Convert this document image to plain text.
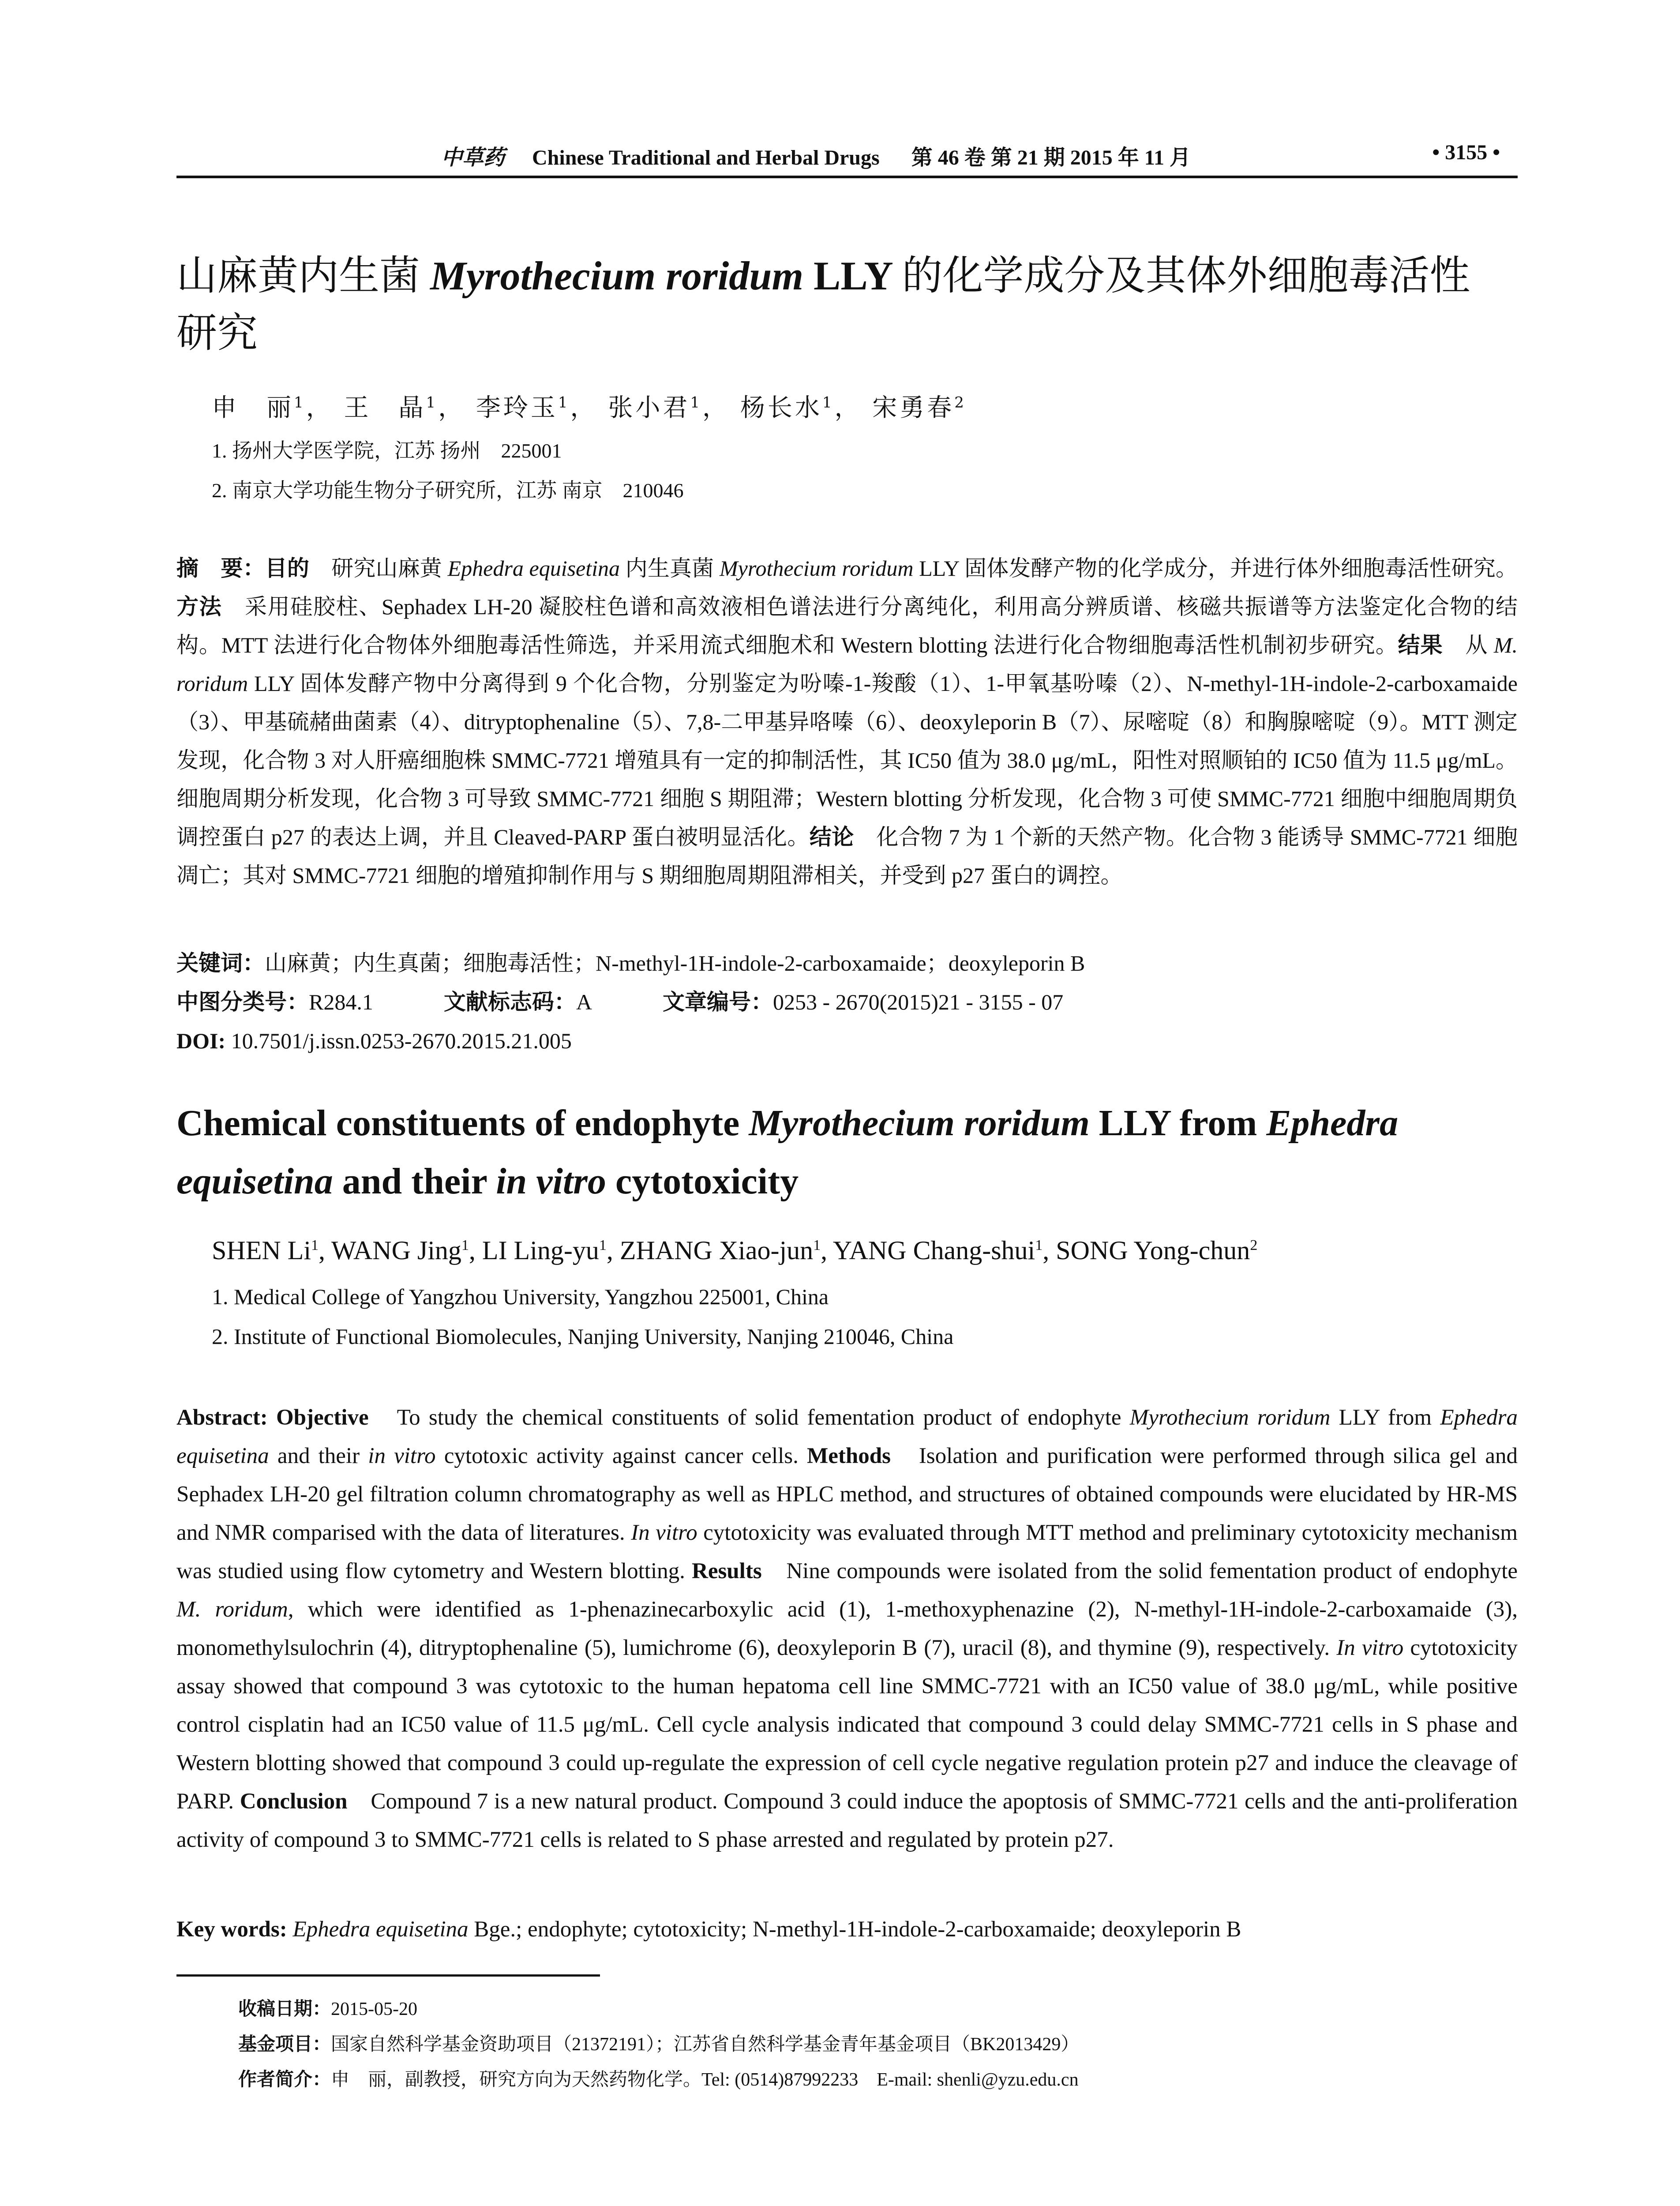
中草药 Chinese Traditional and Herbal Drugs 第 46 卷 第 21 期 2015 年 11 月	• 3155 •
山麻黄内生菌 Myrothecium roridum LLY 的化学成分及其体外细胞毒活性
研究
申　丽$^1$， 王　晶$^1$， 李玲玉$^1$， 张小君$^1$， 杨长水$^1$， 宋勇春$^2$
1. 扬州大学医学院，江苏 扬州　225001
2. 南京大学功能生物分子研究所，江苏 南京　210046
摘　要：目的　 研究山麻黄 Ephedra equisetina 内生真菌 Myrothecium roridum LLY 固体发酵产物的化学成分，并进行体外细胞毒活性研究。方法　 采用硅胶柱、Sephadex LH-20 凝胶柱色谱和高效液相色谱法进行分离纯化，利用高分辨质谱、核磁共振谱等方法鉴定化合物的结构。MTT 法进行化合物体外细胞毒活性筛选，并采用流式细胞术和 Western blotting 法进行化合物细胞毒活性机制初步研究。结果　 从 M. roridum LLY 固体发酵产物中分离得到 9 个化合物，分别鉴定为吩嗪-1-羧酸（1）、1-甲氧基吩嗪（2）、N-methyl-1H-indole-2-carboxamaide（3）、甲基硫赭曲菌素（4）、ditryptophenaline（5）、7,8-二甲基异咯嗪（6）、deoxyleporin B（7）、尿嘧啶（8）和胸腺嘧啶（9）。MTT 测定发现，化合物 3 对人肝癌细胞株 SMMC-7721 增殖具有一定的抑制活性，其 IC50 值为 38.0 μg/mL，阳性对照顺铂的 IC50 值为 11.5 μg/mL。细胞周期分析发现，化合物 3 可导致 SMMC-7721 细胞 S 期阻滞；Western blotting 分析发现，化合物 3 可使 SMMC-7721 细胞中细胞周期负调控蛋白 p27 的表达上调，并且 Cleaved-PARP 蛋白被明显活化。结论　 化合物 7 为 1 个新的天然产物。化合物 3 能诱导 SMMC-7721 细胞凋亡；其对 SMMC-7721 细胞的增殖抑制作用与 S 期细胞周期阻滞相关，并受到 p27 蛋白的调控。
关键词：山麻黄；内生真菌；细胞毒活性；N-methyl-1H-indole-2-carboxamaide；deoxyleporin B
中图分类号：R284.1	文献标志码：A	文章编号：0253 - 2670(2015)21 - 3155 - 07
DOI: 10.7501/j.issn.0253-2670.2015.21.005
Chemical constituents of endophyte Myrothecium roridum LLY from Ephedra equisetina and their in vitro cytotoxicity
SHEN Li$^1$, WANG Jing$^1$, LI Ling-$yu^1$, ZHANG Xiao-jun$^1$, YANG Chang-shui$^1$, SONG Yong-chun$^2$
1. Medical College of Yangzhou University, Yangzhou 225001, China
2. Institute of Functional Biomolecules, Nanjing University, Nanjing 210046, China
Abstract: Objective　 To study the chemical constituents of solid fementation product of endophyte Myrothecium roridum LLY from Ephedra equisetina and their in vitro cytotoxic activity against cancer cells. Methods　 Isolation and purification were performed through silica gel and Sephadex LH-20 gel filtration column chromatography as well as HPLC method, and structures of obtained compounds were elucidated by HR-MS and NMR comparised with the data of literatures. In vitro cytotoxicity was evaluated through MTT method and preliminary cytotoxicity mechanism was studied using flow cytometry and Western blotting. Results　 Nine compounds were isolated from the solid fementation product of endophyte M. roridum, which were identified as 1-phenazinecarboxylic acid (1), 1-methoxyphenazine (2), N-methyl-1H-indole-2-carboxamaide (3), monomethylsulochrin (4), ditryptophenaline (5), lumichrome (6), deoxyleporin B (7), uracil (8), and thymine (9), respectively. In vitro cytotoxicity assay showed that compound 3 was cytotoxic to the human hepatoma cell line SMMC-7721 with an IC50 value of 38.0 μg/mL, while positive control cisplatin had an IC50 value of 11.5 μg/mL. Cell cycle analysis indicated that compound 3 could delay SMMC-7721 cells in S phase and Western blotting showed that compound 3 could up-regulate the expression of cell cycle negative regulation protein p27 and induce the cleavage of PARP. Conclusion　 Compound 7 is a new natural product. Compound 3 could induce the apoptosis of SMMC-7721 cells and the anti-proliferation activity of compound 3 to SMMC-7721 cells is related to S phase arrested and regulated by protein p27.
Key words: Ephedra equisetina Bge.; endophyte; cytotoxicity; N-methyl-1H-indole-2-carboxamaide; deoxyleporin B
收稿日期：2015-05-20
基金项目：国家自然科学基金资助项目（21372191）；江苏省自然科学基金青年基金项目（BK2013429）
作者简介：申　丽，副教授，研究方向为天然药物化学。Tel: (0514)87992233　E-mail: shenli@yzu.edu.cn
